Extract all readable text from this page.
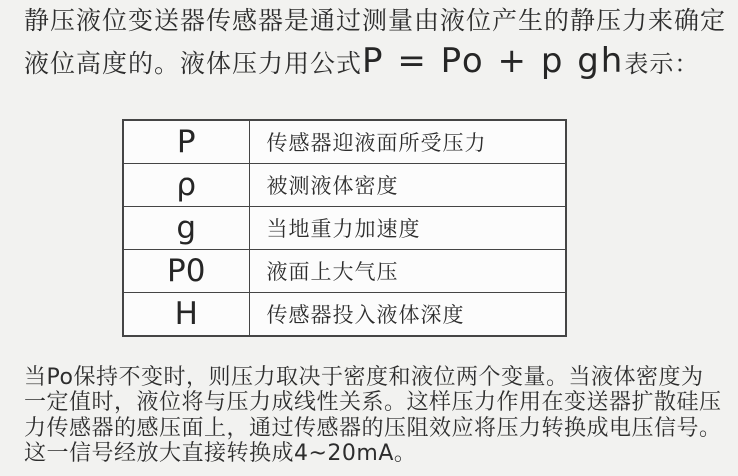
静压液位变送器传感器是通过测量由液位产生的静压力来确定
液位高度的。液体压力用公式P = Po + p gh表示：
P	传感器迎液面所受压力
ρ	被测液体密度
g	当地重力加速度
P0	液面上大气压
H	传感器投入液体深度
当Po保持不变时，则压力取决于密度和液位两个变量。当液体密度为
一定值时，液位将与压力成线性关系。这样压力作用在变送器扩散硅压
力传感器的感压面上，通过传感器的压阻效应将压力转换成电压信号。
这一信号经放大直接转换成4~20mA。
